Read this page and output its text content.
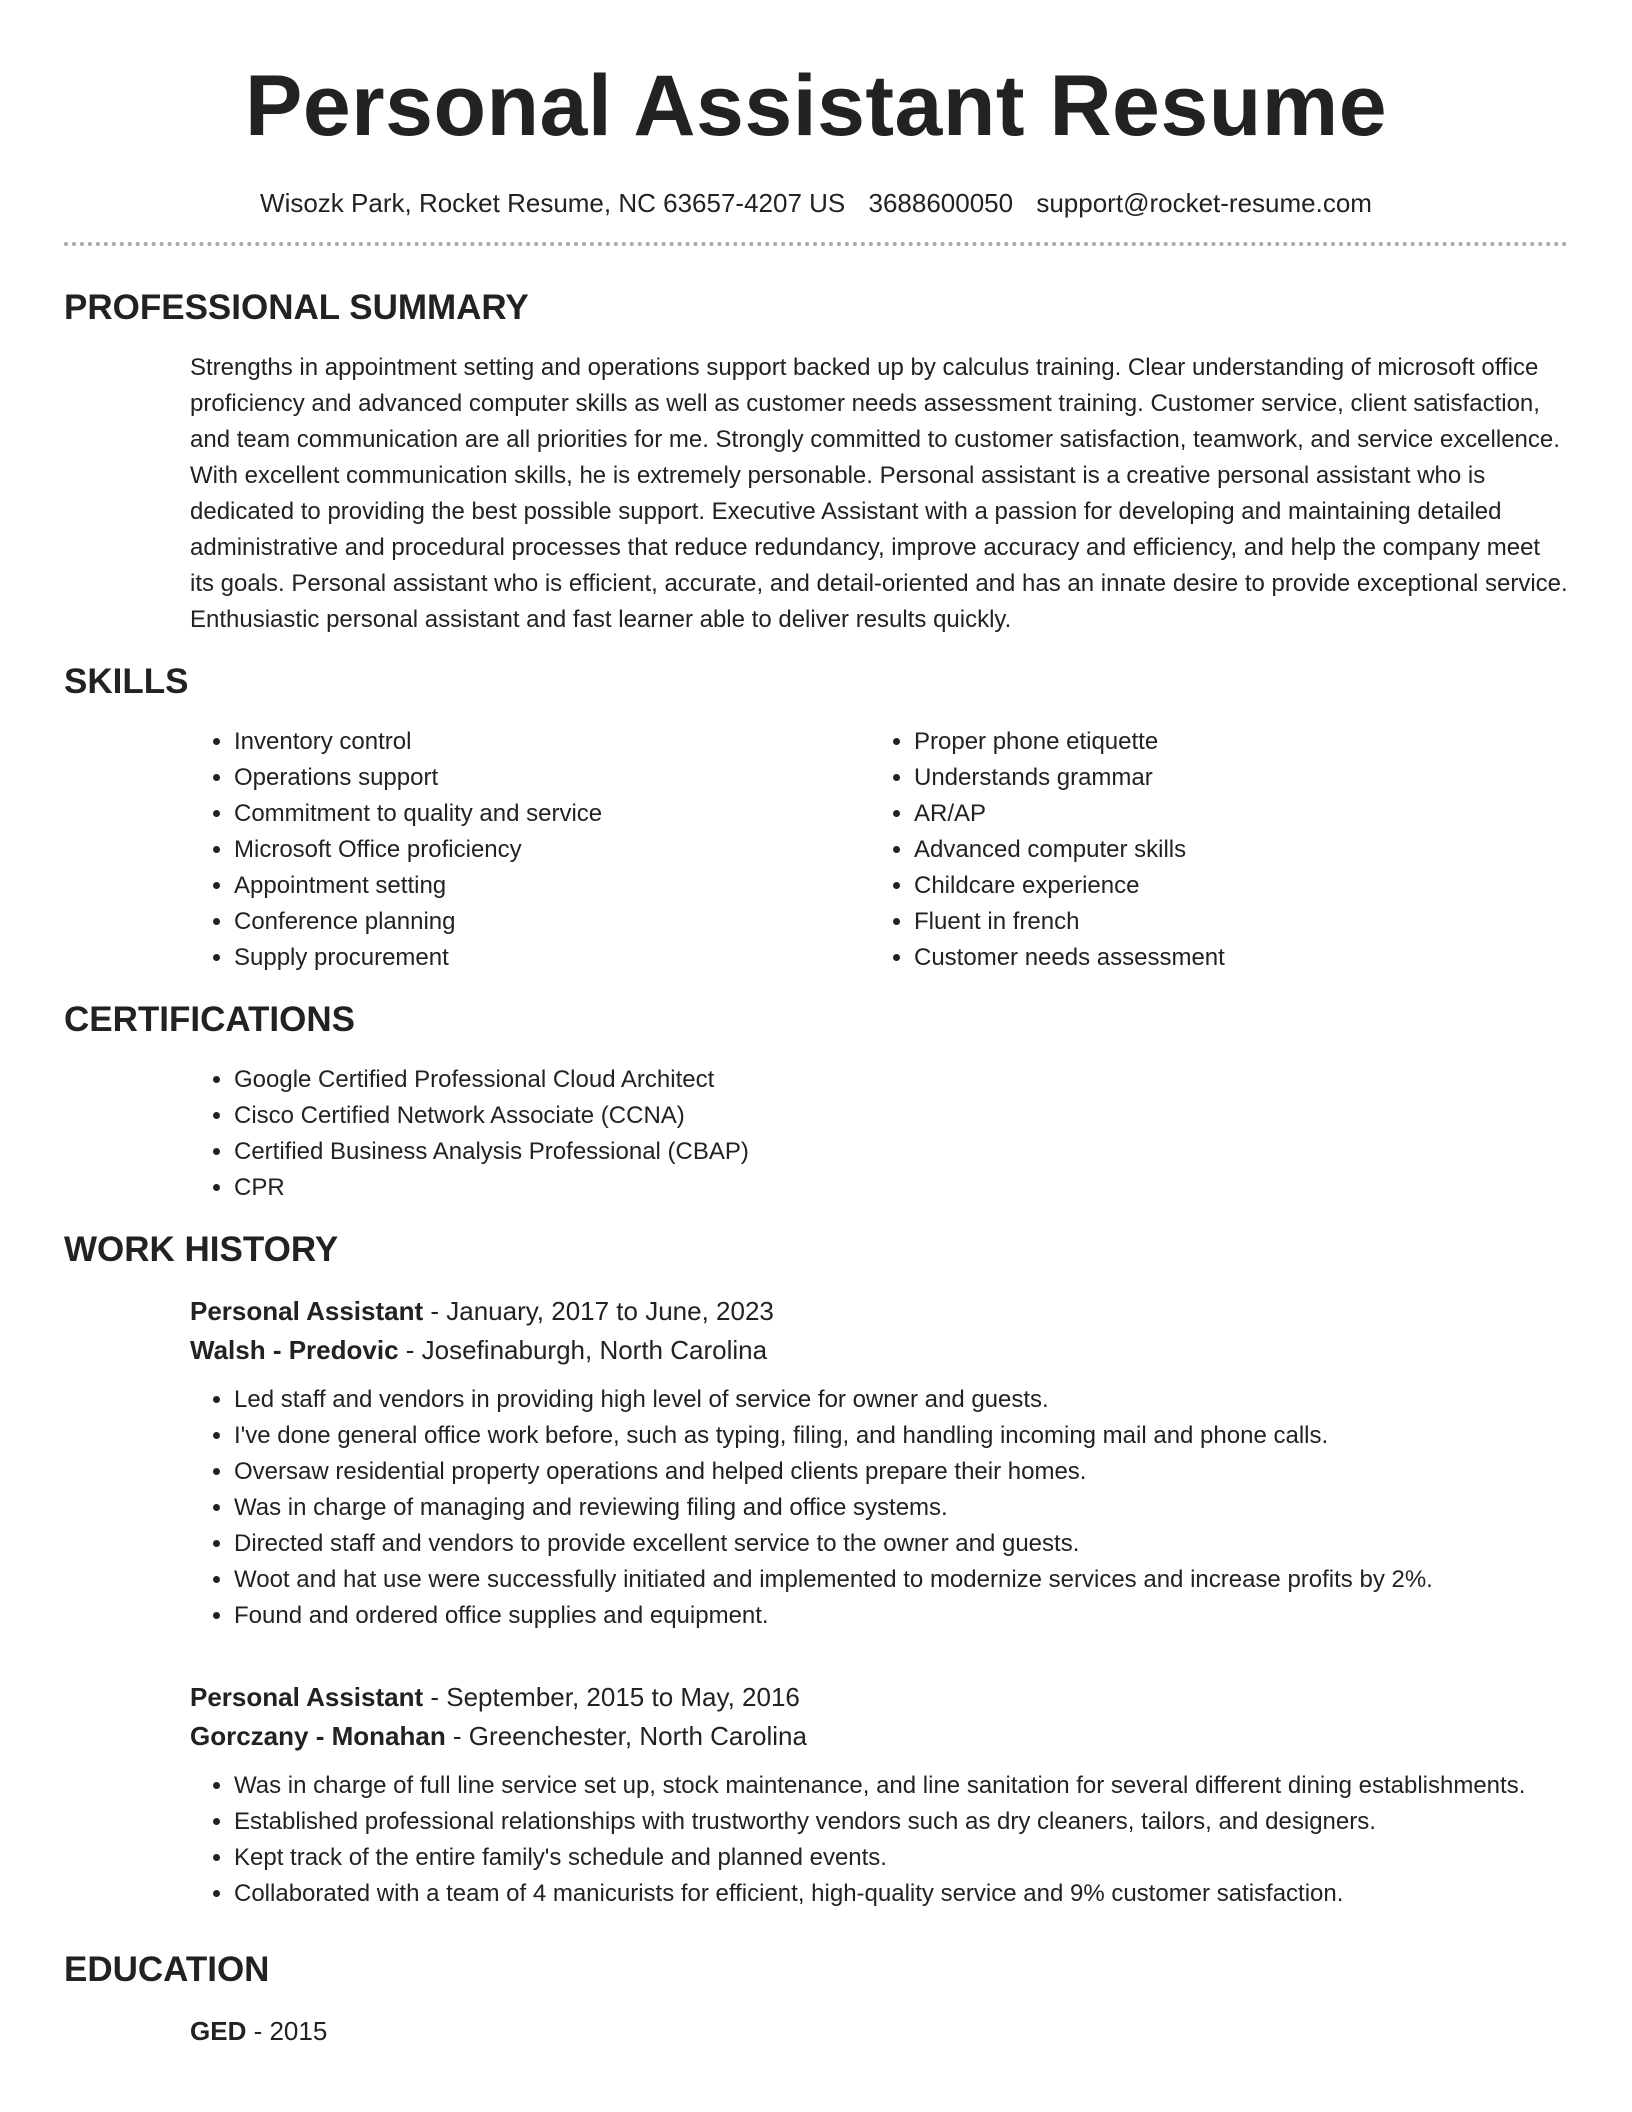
Personal Assistant Resume
Wisozk Park, Rocket Resume, NC 63657-4207 US 3688600050 support@rocket-resume.com
PROFESSIONAL SUMMARY

Strengths in appointment setting and operations support backed up by calculus training. Clear understanding of microsoft office proficiency and advanced computer skills as well as customer needs assessment training. Customer service, client satisfaction, and team communication are all priorities for me. Strongly committed to customer satisfaction, teamwork, and service excellence. With excellent communication skills, he is extremely personable. Personal assistant is a creative personal assistant who is dedicated to providing the best possible support. Executive Assistant with a passion for developing and maintaining detailed administrative and procedural processes that reduce redundancy, improve accuracy and efficiency, and help the company meet its goals. Personal assistant who is efficient, accurate, and detail-oriented and has an innate desire to provide exceptional service. Enthusiastic personal assistant and fast learner able to deliver results quickly.

SKILLS
• Inventory control
• Operations support
• Commitment to quality and service
• Microsoft Office proficiency
• Appointment setting
• Conference planning
• Supply procurement
• Proper phone etiquette
• Understands grammar
• AR/AP
• Advanced computer skills
• Childcare experience
• Fluent in french
• Customer needs assessment
CERTIFICATIONS
• Google Certified Professional Cloud Architect
• Cisco Certified Network Associate (CCNA)
• Certified Business Analysis Professional (CBAP)
• CPR
WORK HISTORY
Personal Assistant - January, 2017 to June, 2023
Walsh - Predovic - Josefinaburgh, North Carolina
• Led staff and vendors in providing high level of service for owner and guests.
• I've done general office work before, such as typing, filing, and handling incoming mail and phone calls.
• Oversaw residential property operations and helped clients prepare their homes.
• Was in charge of managing and reviewing filing and office systems.
• Directed staff and vendors to provide excellent service to the owner and guests.
• Woot and hat use were successfully initiated and implemented to modernize services and increase profits by 2%.
• Found and ordered office supplies and equipment.
Personal Assistant - September, 2015 to May, 2016
Gorczany - Monahan - Greenchester, North Carolina
• Was in charge of full line service set up, stock maintenance, and line sanitation for several different dining establishments.
• Established professional relationships with trustworthy vendors such as dry cleaners, tailors, and designers.
• Kept track of the entire family's schedule and planned events.
• Collaborated with a team of 4 manicurists for efficient, high-quality service and 9% customer satisfaction.
EDUCATION
GED - 2015
